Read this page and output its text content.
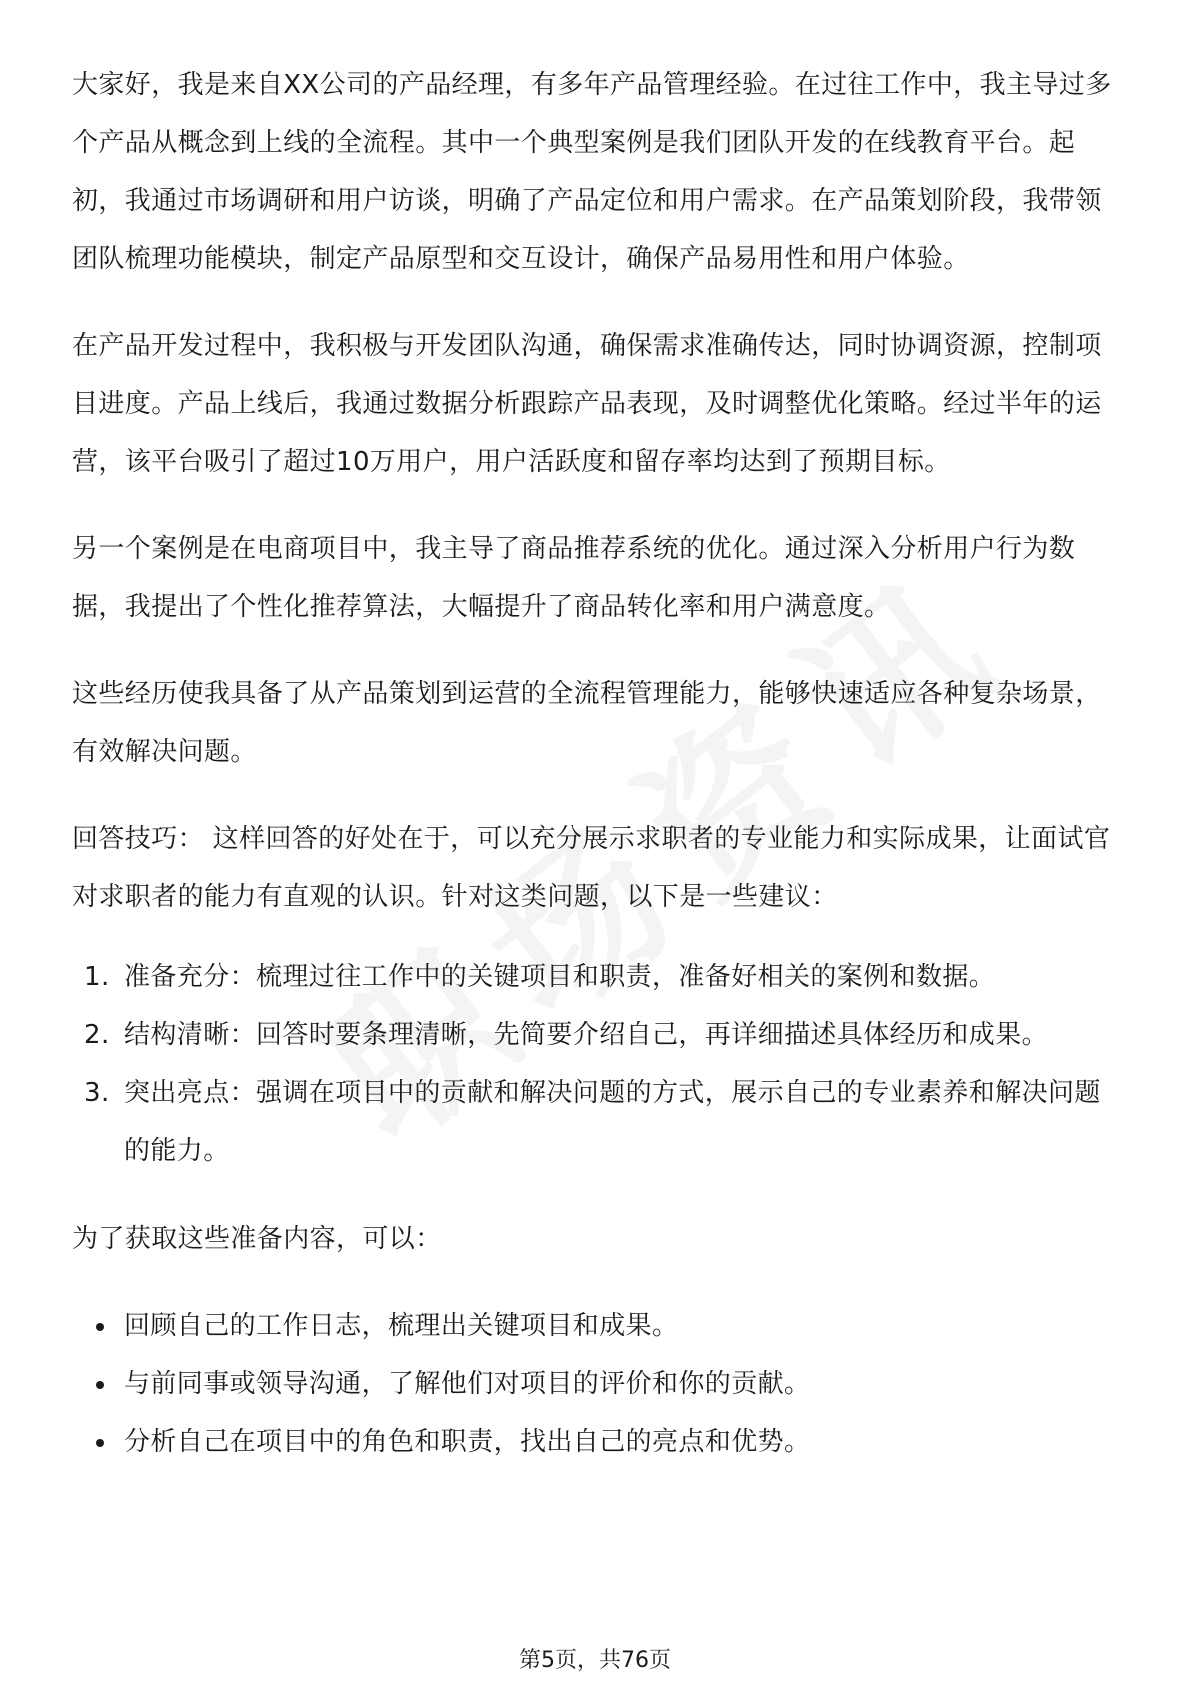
大家好，我是来自XX公司的产品经理，有多年产品管理经验。在过往工作中，我主导过多个产品从概念到上线的全流程。其中一个典型案例是我们团队开发的在线教育平台。起初，我通过市场调研和用户访谈，明确了产品定位和用户需求。在产品策划阶段，我带领团队梳理功能模块，制定产品原型和交互设计，确保产品易用性和用户体验。

在产品开发过程中，我积极与开发团队沟通，确保需求准确传达，同时协调资源，控制项目进度。产品上线后，我通过数据分析跟踪产品表现，及时调整优化策略。经过半年的运营，该平台吸引了超过10万用户，用户活跃度和留存率均达到了预期目标。

另一个案例是在电商项目中，我主导了商品推荐系统的优化。通过深入分析用户行为数据，我提出了个性化推荐算法，大幅提升了商品转化率和用户满意度。

这些经历使我具备了从产品策划到运营的全流程管理能力，能够快速适应各种复杂场景，有效解决问题。

回答技巧： 这样回答的好处在于，可以充分展示求职者的专业能力和实际成果，让面试官对求职者的能力有直观的认识。针对这类问题，以下是一些建议：

1. 准备充分：梳理过往工作中的关键项目和职责，准备好相关的案例和数据。
2. 结构清晰：回答时要条理清晰，先简要介绍自己，再详细描述具体经历和成果。
3. 突出亮点：强调在项目中的贡献和解决问题的方式，展示自己的专业素养和解决问题的能力。

为了获取这些准备内容，可以：

回顾自己的工作日志，梳理出关键项目和成果。
与前同事或领导沟通，了解他们对项目的评价和你的贡献。
分析自己在项目中的角色和职责，找出自己的亮点和优势。
第5页，共76页
